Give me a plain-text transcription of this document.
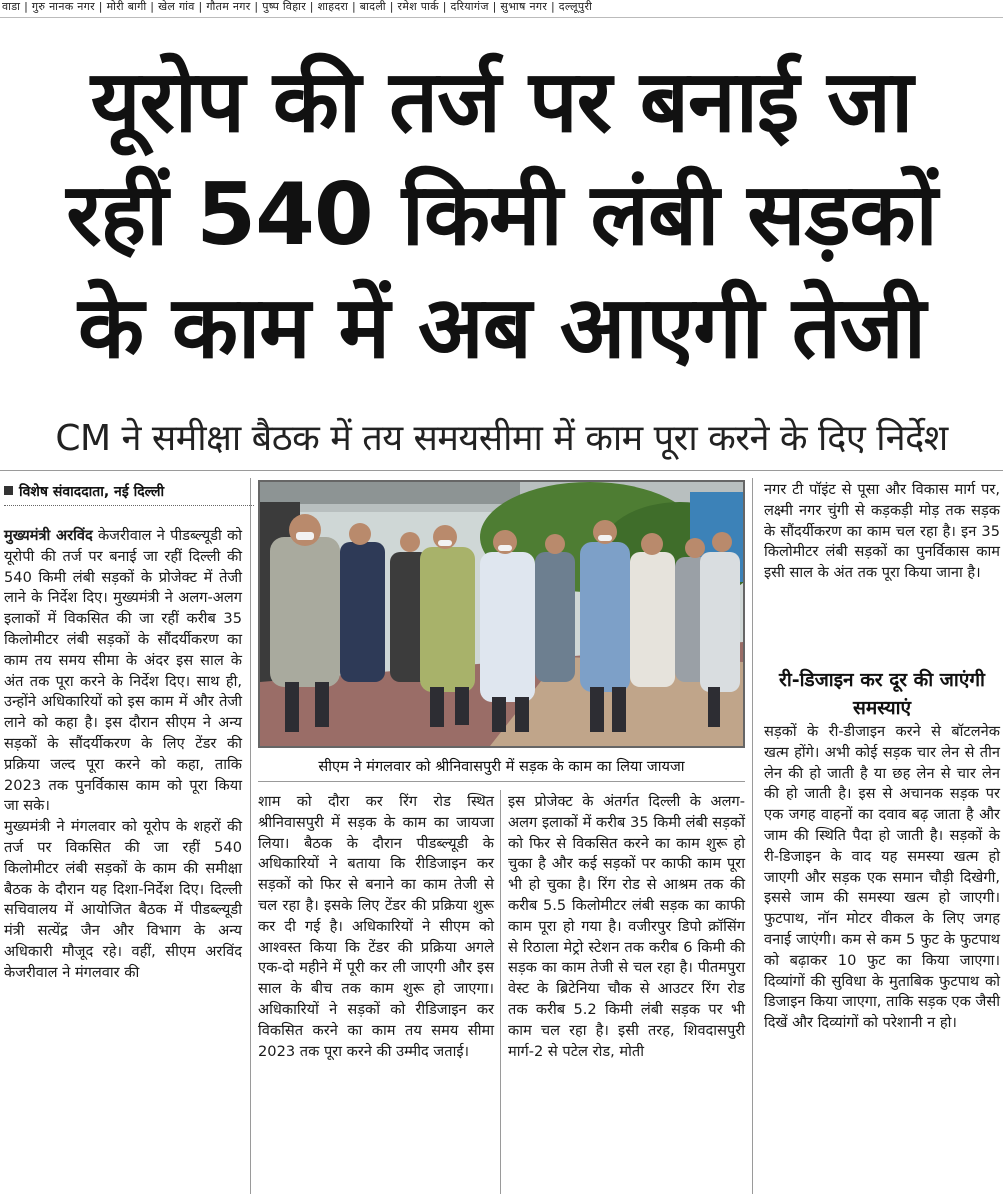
वाडा | गुरु नानक नगर | मोरी बागी | खेल गांव | गौतम नगर | पुष्प विहार | शाहदरा | बादली | रमेश पार्क | दरियागंज | सुभाष नगर | दल्लूपुरी
यूरोप की तर्ज पर बनाई जा
रहीं 540 किमी लंबी सड़कों
के काम में अब आएगी तेजी
CM ने समीक्षा बैठक में तय समयसीमा में काम पूरा करने के दिए निर्देश
विशेष संवाददाता, नई दिल्ली

मुख्यमंत्री अरविंद केजरीवाल ने पीडब्ल्यूडी को यूरोपी की तर्ज पर बनाई जा रहीं दिल्ली की 540 किमी लंबी सड़कों के प्रोजेक्ट में तेजी लाने के निर्देश दिए। मुख्यमंत्री ने अलग-अलग इलाकों में विकसित की जा रहीं करीब 35 किलोमीटर लंबी सड़कों के सौंदर्यीकरण का काम तय समय सीमा के अंदर इस साल के अंत तक पूरा करने के निर्देश दिए। साथ ही, उन्होंने अधिकारियों को इस काम में और तेजी लाने को कहा है। इस दौरान सीएम ने अन्य सड़कों के सौंदर्यीकरण के लिए टेंडर की प्रक्रिया जल्द पूरा करने को कहा, ताकि 2023 तक पुनर्विकास काम को पूरा किया जा सके।

मुख्यमंत्री ने मंगलवार को यूरोप के शहरों की तर्ज पर विकसित की जा रहीं 540 किलोमीटर लंबी सड़कों के काम की समीक्षा बैठक के दौरान यह दिशा-निर्देश दिए। दिल्ली सचिवालय में आयोजित बैठक में पीडब्ल्यूडी मंत्री सत्येंद्र जैन और विभाग के अन्य अधिकारी मौजूद रहे। वहीं, सीएम अरविंद केजरीवाल ने मंगलवार की

सीएम ने मंगलवार को श्रीनिवासपुरी में सड़क के काम का लिया जायजा

शाम को दौरा कर रिंग रोड स्थित श्रीनिवासपुरी में सड़क के काम का जायजा लिया। बैठक के दौरान पीडब्ल्यूडी के अधिकारियों ने बताया कि रीडिजाइन कर सड़कों को फिर से बनाने का काम तेजी से चल रहा है। इसके लिए टेंडर की प्रक्रिया शुरू कर दी गई है। अधिकारियों ने सीएम को आश्वस्त किया कि टेंडर की प्रक्रिया अगले एक-दो महीने में पूरी कर ली जाएगी और इस साल के बीच तक काम शुरू हो जाएगा। अधिकारियों ने सड़कों को रीडिजाइन कर विकसित करने का काम तय समय सीमा 2023 तक पूरा करने की उम्मीद जताई।

इस प्रोजेक्ट के अंतर्गत दिल्ली के अलग-अलग इलाकों में करीब 35 किमी लंबी सड़कों को फिर से विकसित करने का काम शुरू हो चुका है और कई सड़कों पर काफी काम पूरा भी हो चुका है। रिंग रोड से आश्रम तक की करीब 5.5 किलोमीटर लंबी सड़क का काफी काम पूरा हो गया है। वजीरपुर डिपो क्रॉसिंग से रिठाला मेट्रो स्टेशन तक करीब 6 किमी की सड़क का काम तेजी से चल रहा है। पीतमपुरा वेस्ट के ब्रिटेनिया चौक से आउटर रिंग रोड तक करीब 5.2 किमी लंबी सड़क पर भी काम चल रहा है। इसी तरह, शिवदासपुरी मार्ग-2 से पटेल रोड, मोती

नगर टी पॉइंट से पूसा और विकास मार्ग पर, लक्ष्मी नगर चुंगी से कड़कड़ी मोड़ तक सड़क के सौंदर्यीकरण का काम चल रहा है। इन 35 किलोमीटर लंबी सड़कों का पुनर्विकास काम इसी साल के अंत तक पूरा किया जाना है।

री-डिजाइन कर दूर की जाएंगी समस्याएं

सड़कों के री-डीजाइन करने से बॉटलनेक खत्म होंगे। अभी कोई सड़क चार लेन से तीन लेन की हो जाती है या छह लेन से चार लेन की हो जाती है। इस से अचानक सड़क पर एक जगह वाहनों का दवाव बढ़ जाता है और जाम की स्थिति पैदा हो जाती है। सड़कों के री-डिजाइन के वाद यह समस्या खत्म हो जाएगी और सड़क एक समान चौड़ी दिखेगी, इससे जाम की समस्या खत्म हो जाएगी। फुटपाथ, नॉन मोटर वीकल के लिए जगह वनाई जाएंगी। कम से कम 5 फुट के फुटपाथ को बढ़ाकर 10 फुट का किया जाएगा। दिव्यांगों की सुविधा के मुताबिक फुटपाथ को डिजाइन किया जाएगा, ताकि सड़क एक जैसी दिखें और दिव्यांगों को परेशानी न हो।
